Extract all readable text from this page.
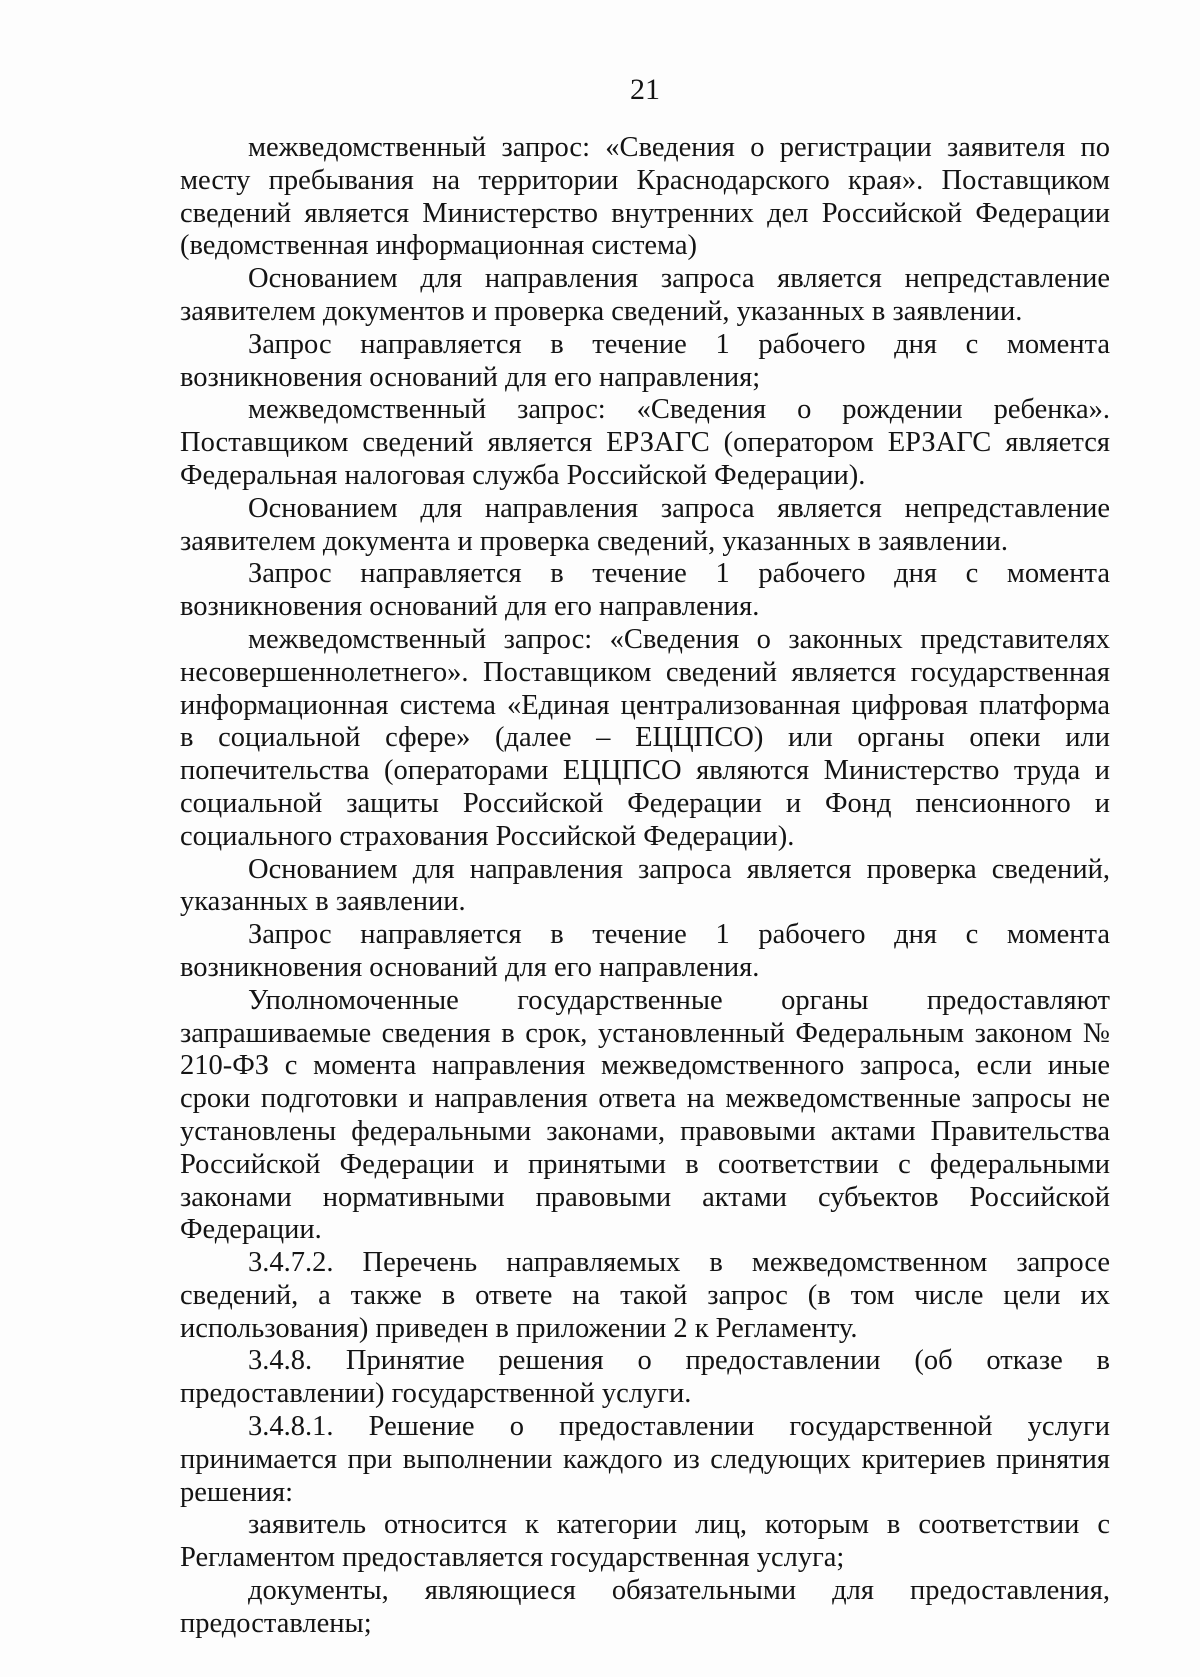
21

межведомственный запрос: «Сведения о регистрации заявителя по месту пребывания на территории Краснодарского края». Поставщиком сведений является Министерство внутренних дел Российской Федерации (ведомственная информационная система)

Основанием для направления запроса является непредставление заявителем документов и проверка сведений, указанных в заявлении.

Запрос направляется в течение 1 рабочего дня с момента возникновения оснований для его направления;

межведомственный запрос: «Сведения о рождении ребенка». Поставщиком сведений является ЕРЗАГС (оператором ЕРЗАГС является Федеральная налоговая служба Российской Федерации).

Основанием для направления запроса является непредставление заявителем документа и проверка сведений, указанных в заявлении.

Запрос направляется в течение 1 рабочего дня с момента возникновения оснований для его направления.

межведомственный запрос: «Сведения о законных представителях несовершеннолетнего». Поставщиком сведений является государственная информационная система «Единая централизованная цифровая платформа в социальной сфере» (далее – ЕЦЦПСО) или органы опеки или попечительства (операторами ЕЦЦПСО являются Министерство труда и социальной защиты Российской Федерации и Фонд пенсионного и социального страхования Российской Федерации).

Основанием для направления запроса является проверка сведений, указанных в заявлении.

Запрос направляется в течение 1 рабочего дня с момента возникновения оснований для его направления.

Уполномоченные государственные органы предоставляют запрашиваемые сведения в срок, установленный Федеральным законом № 210-ФЗ с момента направления межведомственного запроса, если иные сроки подготовки и направления ответа на межведомственные запросы не установлены федеральными законами, правовыми актами Правительства Российской Федерации и принятыми в соответствии с федеральными законами нормативными правовыми актами субъектов Российской Федерации.

3.4.7.2. Перечень направляемых в межведомственном запросе сведений, а также в ответе на такой запрос (в том числе цели их использования) приведен в приложении 2 к Регламенту.

3.4.8. Принятие решения о предоставлении (об отказе в предоставлении) государственной услуги.

3.4.8.1. Решение о предоставлении государственной услуги принимается при выполнении каждого из следующих критериев принятия решения:

заявитель относится к категории лиц, которым в соответствии с Регламентом предоставляется государственная услуга;

документы, являющиеся обязательными для предоставления, предоставлены;
